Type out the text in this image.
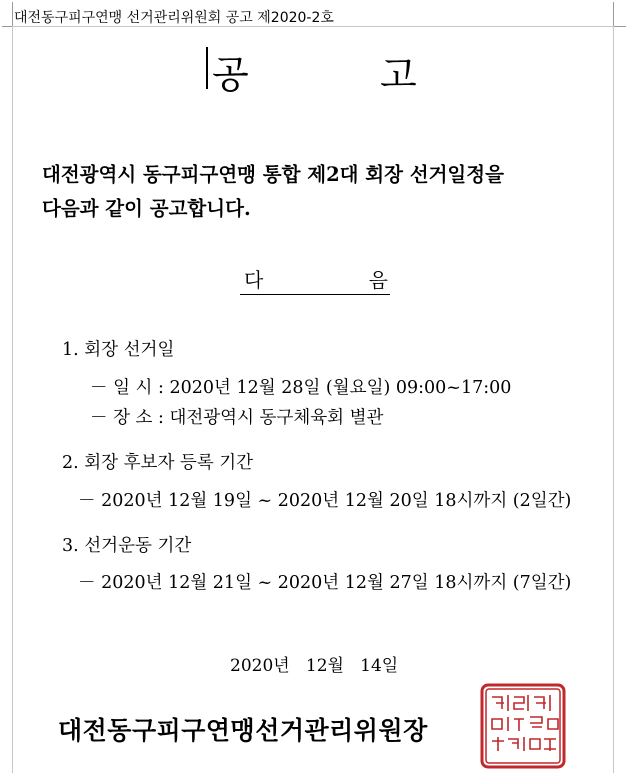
대전동구피구연맹 선거관리위원회 공고 제2020-2호
공	고
대전광역시 동구피구연맹 통합 제2대 회장 선거일정을
다음과 같이 공고합니다.
다	음
1. 회장 선거일
－ 일 시 : 2020년 12월 28일 (월요일) 09:00~17:00
－ 장 소 : 대전광역시 동구체육회 별관
2. 회장 후보자 등록 기간
－ 2020년 12월 19일 ~ 2020년 12월 20일 18시까지 (2일간)
3. 선거운동 기간
－ 2020년 12월 21일 ~ 2020년 12월 27일 18시까지 (7일간)
2020년   12월   14일
대전동구피구연맹선거관리위원장
